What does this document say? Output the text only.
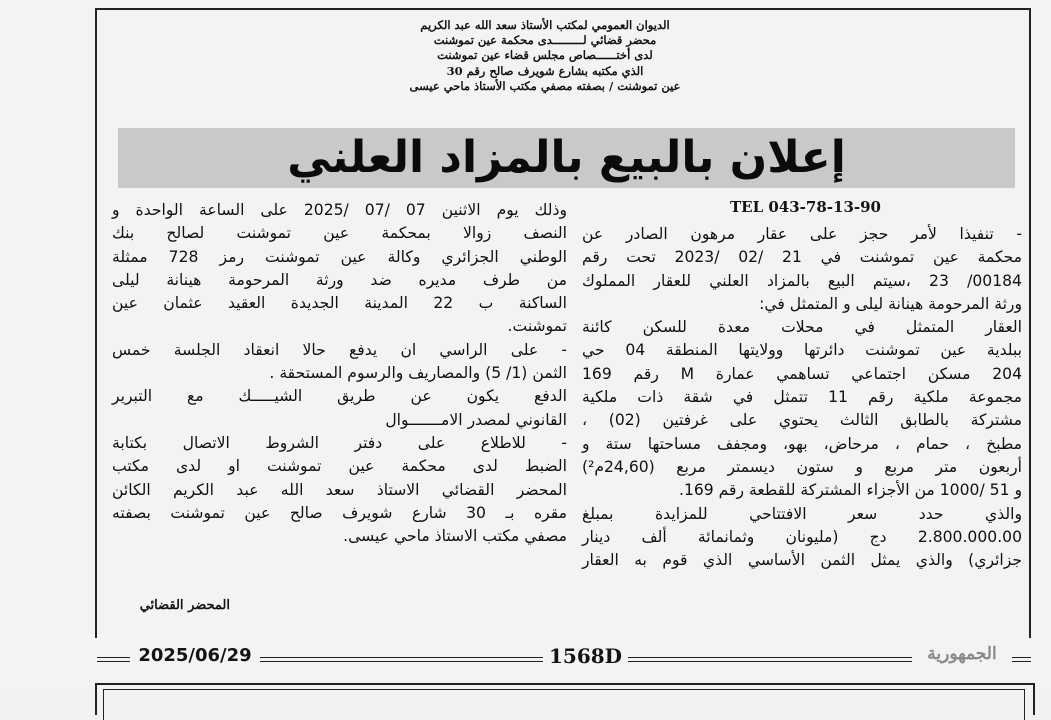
الديوان العمومي لمكتب الأستاذ سعد الله عبد الكريم
محضر قضائي لـــــــــدى محكمة عين تموشنت
لدى أختــــــصاص مجلس قضاء عين تموشنت
الذي مكتبه بشارع شويرف صالح رقم 30
عين تموشنت / بصفته مصفي مكتب الأستاذ ماحي عيسى
إعلان بالبيع بالمزاد العلني
TEL 043-78-13-90
- تنفيذا لأمر حجز على عقار مرهون الصادر عن
محكمة عين تموشنت في 21 /02 /2023 تحت رقم
00184/ 23 ،سيتم البيع بالمزاد العلني للعقار المملوك
ورثة المرحومة هينانة ليلى و المتمثل في:
العقار المتمثل في محلات معدة للسكن كائنة
ببلدية عين تموشنت دائرتها وولايتها المنطقة 04 حي
204 مسكن اجتماعي تساهمي عمارة M رقم 169
مجموعة ملكية رقم 11 تتمثل في شقة ذات ملكية
مشتركة بالطابق الثالث يحتوي على غرفتين (02) ،
مطبخ ، حمام ، مرحاض، بهو، ومجفف مساحتها ستة و
أربعون متر مربع و ستون ديسمتر مربع (24,60م²)
و 51 /1000 من الأجزاء المشتركة للقطعة رقم 169.
والذي حدد سعر الافتتاحي للمزايدة بمبلغ
2.800.000.00 دج (مليونان وثمانمائة ألف دينار
جزائري) والذي يمثل الثمن الأساسي الذي قوم به العقار
وذلك يوم الاثنين 07 /07 /2025 على الساعة الواحدة و
النصف زوالا بمحكمة عين تموشنت لصالح بنك
الوطني الجزائري وكالة عين تموشنت رمز 728 ممثلة
من طرف مديره ضد ورثة المرحومة هينانة ليلى
الساكنة ب 22 المدينة الجديدة العقيد عثمان عين
تموشنت.
- على الراسي ان يدفع حالا انعقاد الجلسة خمس
الثمن (1/ 5) والمصاريف والرسوم المستحقة .
الدفع يكون عن طريق الشيـــــك مع التبرير
القانوني لمصدر الامـــــــوال
- للاطلاع على دفتر الشروط الاتصال بكتابة
الضبط لدى محكمة عين تموشنت او لدى مكتب
المحضر القضائي الاستاذ سعد الله عبد الكريم الكائن
مقره بـ 30 شارع شويرف صالح عين تموشنت بصفته
مصفي مكتب الاستاذ ماحي عيسى.
المحضر القضائي
2025/06/29	1568D	الجمهورية
